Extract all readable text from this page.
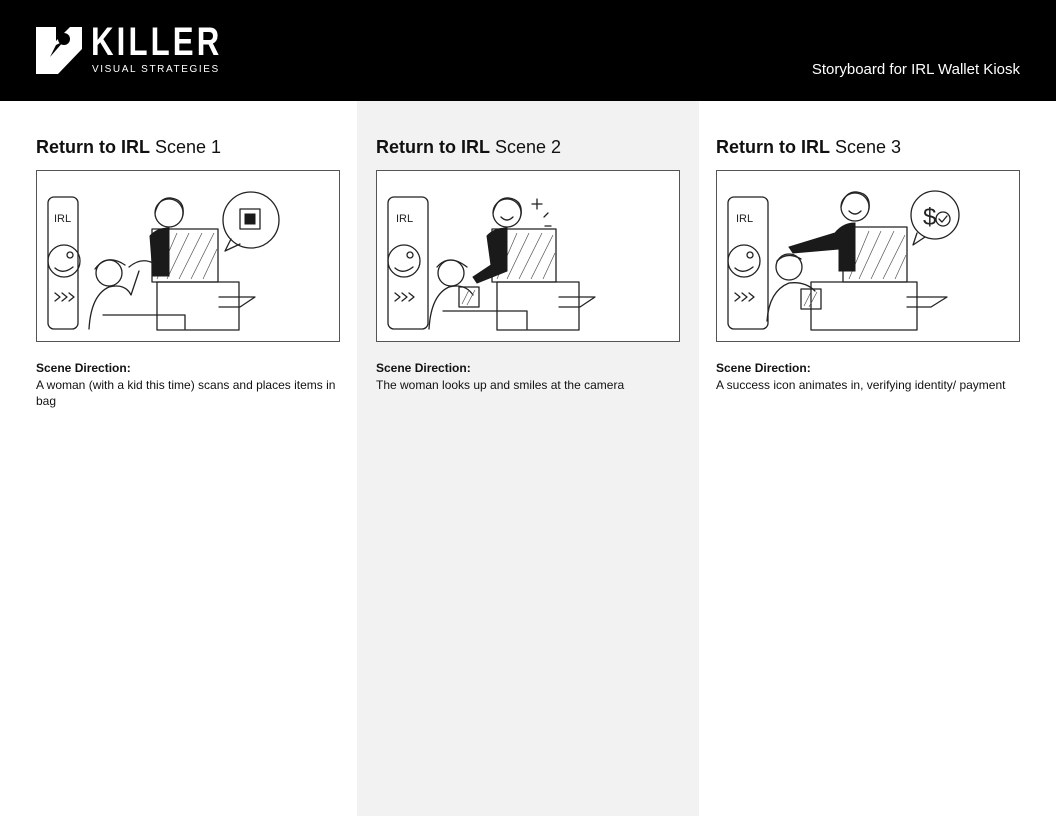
KILLER
VISUAL STRATEGIES	Storyboard for IRL Wallet Kiosk
Return to IRL Scene 1
IRL
Scene Direction:
A woman (with a kid this time) scans and places items in bag
Return to IRL Scene 2
IRL
Scene Direction:
The woman looks up and smiles at the camera
Return to IRL Scene 3
IRL	$
Scene Direction:
A success icon animates in, verifying identity/ payment
